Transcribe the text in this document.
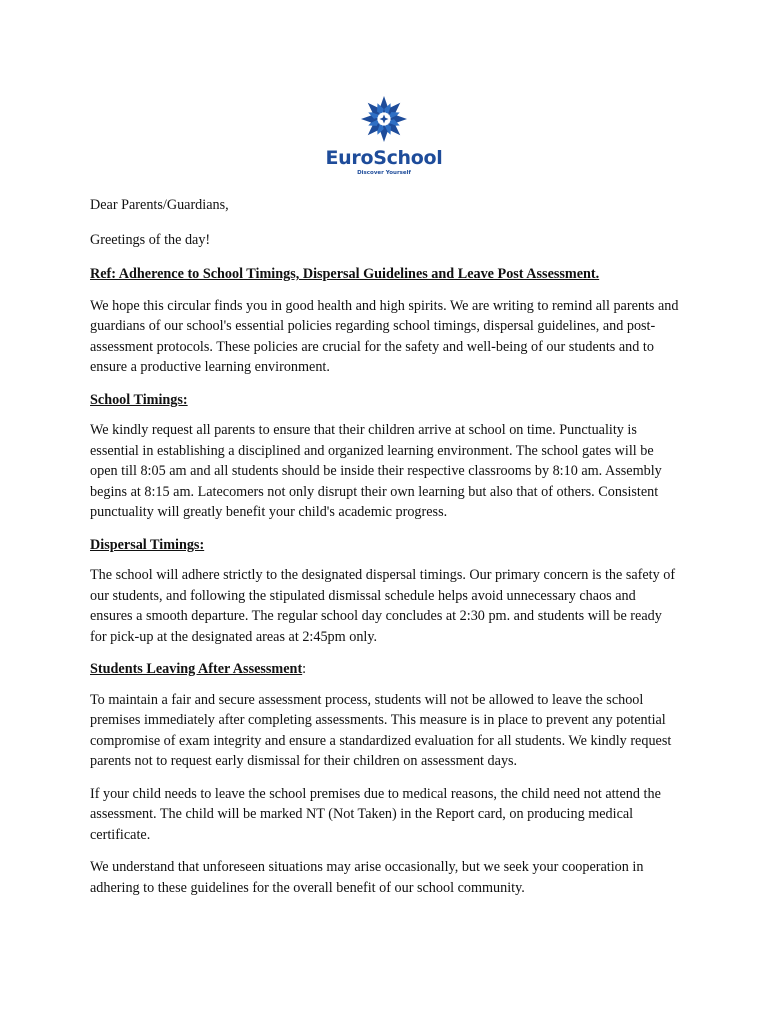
EuroSchool
Discover Yourself

Dear Parents/Guardians,

Greetings of the day!

Ref: Adherence to School Timings, Dispersal Guidelines and Leave Post Assessment.

We hope this circular finds you in good health and high spirits. We are writing to remind all parents and guardians of our school's essential policies regarding school timings, dispersal guidelines, and post-assessment protocols. These policies are crucial for the safety and well-being of our students and to ensure a productive learning environment.

School Timings:

We kindly request all parents to ensure that their children arrive at school on time. Punctuality is essential in establishing a disciplined and organized learning environment. The school gates will be open till 8:05 am and all students should be inside their respective classrooms by 8:10 am. Assembly begins at 8:15 am. Latecomers not only disrupt their own learning but also that of others. Consistent punctuality will greatly benefit your child's academic progress.

Dispersal Timings:

The school will adhere strictly to the designated dispersal timings. Our primary concern is the safety of our students, and following the stipulated dismissal schedule helps avoid unnecessary chaos and ensures a smooth departure. The regular school day concludes at 2:30 pm. and students will be ready for pick-up at the designated areas at 2:45pm only.

Students Leaving After Assessment:

To maintain a fair and secure assessment process, students will not be allowed to leave the school premises immediately after completing assessments. This measure is in place to prevent any potential compromise of exam integrity and ensure a standardized evaluation for all students. We kindly request parents not to request early dismissal for their children on assessment days.

If your child needs to leave the school premises due to medical reasons, the child need not attend the assessment. The child will be marked NT (Not Taken) in the Report card, on producing medical certificate.

We understand that unforeseen situations may arise occasionally, but we seek your cooperation in adhering to these guidelines for the overall benefit of our school community.
